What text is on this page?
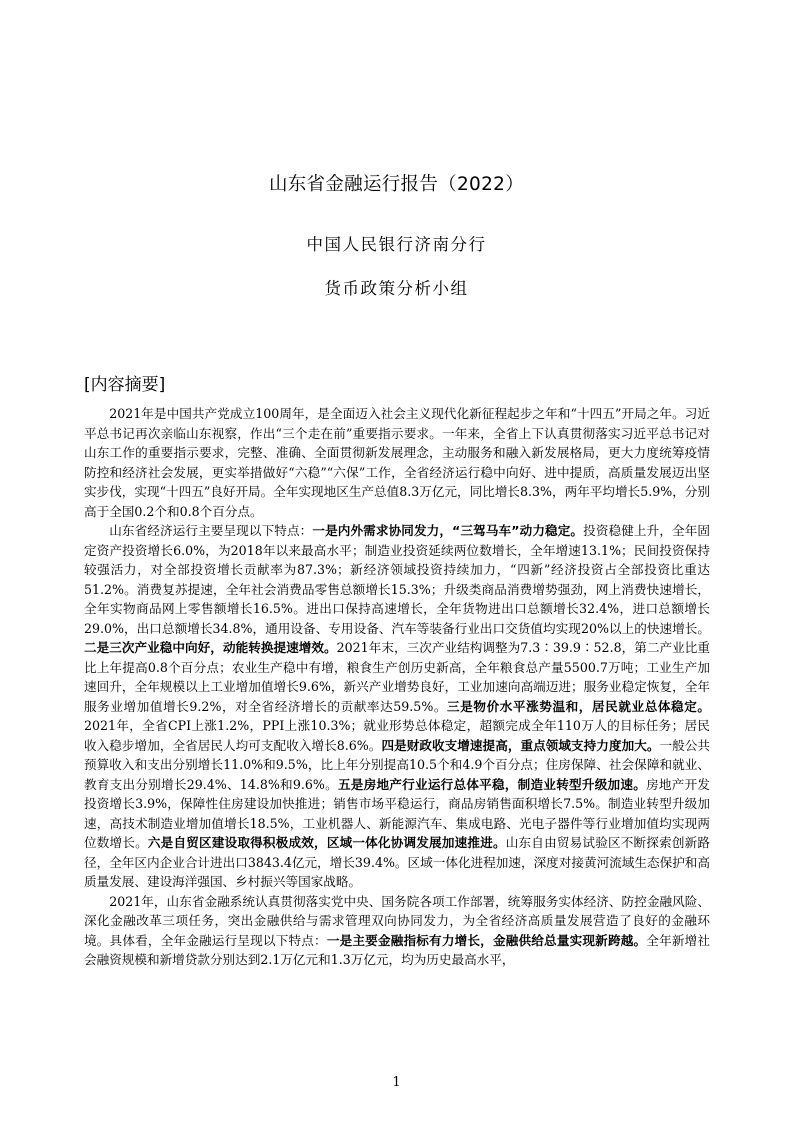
山东省金融运行报告（2022）
中国人民银行济南分行
货币政策分析小组
[内容摘要]

2021年是中国共产党成立100周年，是全面迈入社会主义现代化新征程起步之年和“十四五”开局之年。习近平总书记再次亲临山东视察，作出“三个走在前”重要指示要求。一年来，全省上下认真贯彻落实习近平总书记对山东工作的重要指示要求，完整、准确、全面贯彻新发展理念，主动服务和融入新发展格局，更大力度统筹疫情防控和经济社会发展，更实举措做好“六稳”“六保”工作，全省经济运行稳中向好、进中提质，高质量发展迈出坚实步伐，实现“十四五”良好开局。全年实现地区生产总值8.3万亿元，同比增长8.3%，两年平均增长5.9%，分别高于全国0.2个和0.8个百分点。

山东省经济运行主要呈现以下特点：一是内外需求协同发力，“三驾马车”动力稳定。投资稳健上升，全年固定资产投资增长6.0%，为2018年以来最高水平；制造业投资延续两位数增长，全年增速13.1%；民间投资保持较强活力，对全部投资增长贡献率为87.3%；新经济领域投资持续加力，“四新”经济投资占全部投资比重达51.2%。消费复苏提速，全年社会消费品零售总额增长15.3%；升级类商品消费增势强劲，网上消费快速增长，全年实物商品网上零售额增长16.5%。进出口保持高速增长，全年货物进出口总额增长32.4%，进口总额增长29.0%，出口总额增长34.8%，通用设备、专用设备、汽车等装备行业出口交货值均实现20%以上的快速增长。二是三次产业稳中向好，动能转换提速增效。2021年末，三次产业结构调整为7.3∶39.9∶52.8，第二产业比重比上年提高0.8个百分点；农业生产稳中有增，粮食生产创历史新高，全年粮食总产量5500.7万吨；工业生产加速回升，全年规模以上工业增加值增长9.6%，新兴产业增势良好，工业加速向高端迈进；服务业稳定恢复，全年服务业增加值增长9.2%，对全省经济增长的贡献率达59.5%。三是物价水平涨势温和，居民就业总体稳定。2021年，全省CPI上涨1.2%，PPI上涨10.3%；就业形势总体稳定，超额完成全年110万人的目标任务；居民收入稳步增加，全省居民人均可支配收入增长8.6%。四是财政收支增速提高，重点领域支持力度加大。一般公共预算收入和支出分别增长11.0%和9.5%，比上年分别提高10.5个和4.9个百分点；住房保障、社会保障和就业、教育支出分别增长29.4%、14.8%和9.6%。五是房地产行业运行总体平稳，制造业转型升级加速。房地产开发投资增长3.9%，保障性住房建设加快推进；销售市场平稳运行，商品房销售面积增长7.5%。制造业转型升级加速，高技术制造业增加值增长18.5%，工业机器人、新能源汽车、集成电路、光电子器件等行业增加值均实现两位数增长。六是自贸区建设取得积极成效，区域一体化协调发展加速推进。山东自由贸易试验区不断探索创新路径，全年区内企业合计进出口3843.4亿元，增长39.4%。区域一体化进程加速，深度对接黄河流域生态保护和高质量发展、建设海洋强国、乡村振兴等国家战略。

2021年，山东省金融系统认真贯彻落实党中央、国务院各项工作部署，统筹服务实体经济、防控金融风险、深化金融改革三项任务，突出金融供给与需求管理双向协同发力，为全省经济高质量发展营造了良好的金融环境。具体看，全年金融运行呈现以下特点：一是主要金融指标有力增长，金融供给总量实现新跨越。全年新增社会融资规模和新增贷款分别达到2.1万亿元和1.3万亿元，均为历史最高水平，

1
